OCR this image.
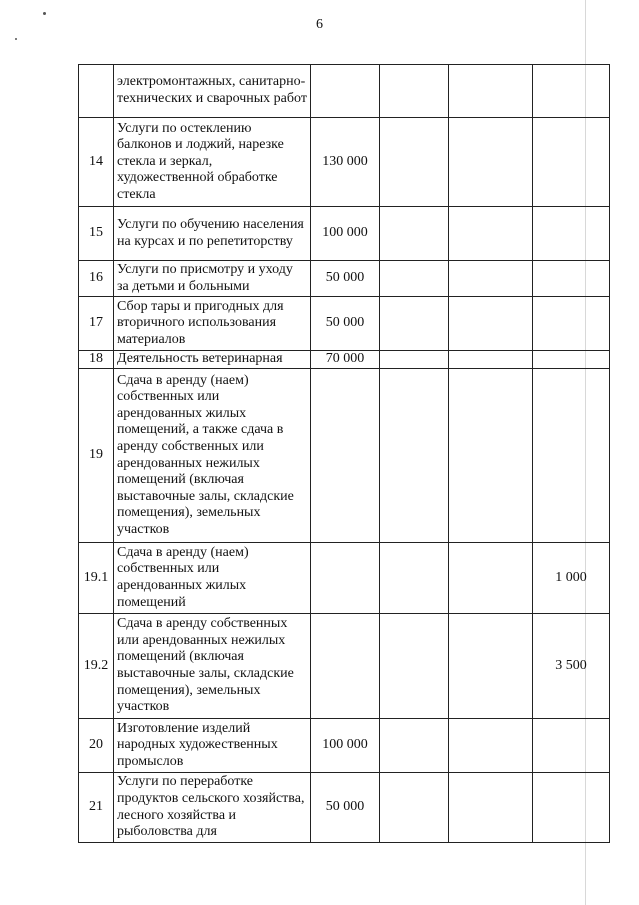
6
	электромонтажных, санитарно-технических и сварочных работ				
14	Услуги по остеклению балконов и лоджий, нарезке стекла и зеркал, художественной обработке стекла	130 000			
15	Услуги по обучению населения на курсах и по репетиторству	100 000			
16	Услуги по присмотру и уходу за детьми и больными	50 000			
17	Сбор тары и пригодных для вторичного использования материалов	50 000			
18	Деятельность ветеринарная	70 000			
19	Сдача в аренду (наем) собственных или арендованных жилых помещений, а также сдача в аренду собственных или арендованных нежилых помещений (включая выставочные залы, складские помещения), земельных участков				
19.1	Сдача в аренду (наем) собственных или арендованных жилых помещений				1 000
19.2	Сдача в аренду собственных или арендованных нежилых помещений (включая выставочные залы, складские помещения), земельных участков				3 500
20	Изготовление изделий народных художественных промыслов	100 000			
21	Услуги по переработке продуктов сельского хозяйства, лесного хозяйства и рыболовства для	50 000			
